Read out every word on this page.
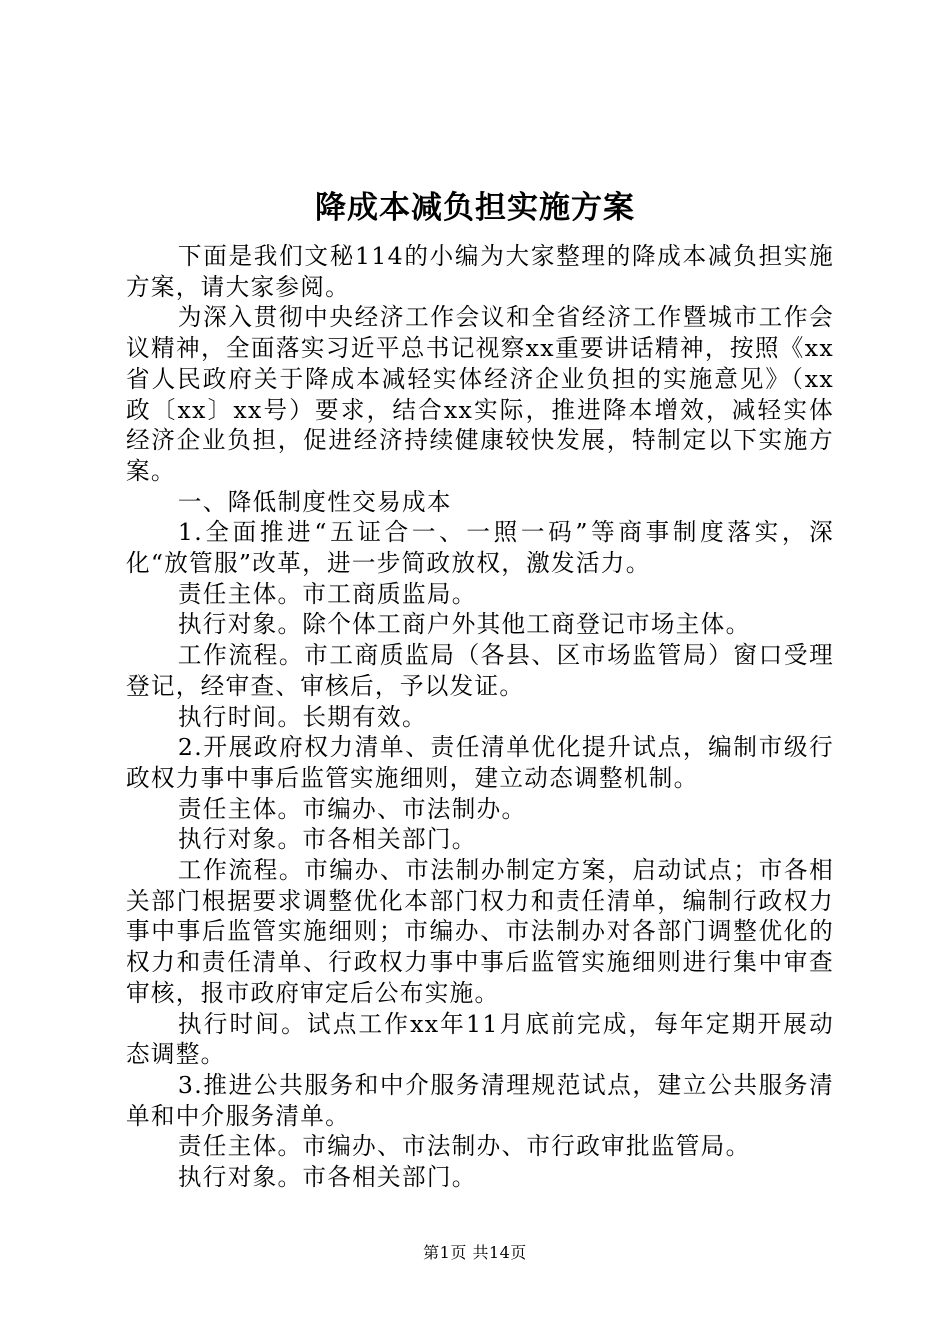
降成本减负担实施方案

下面是我们文秘114的小编为大家整理的降成本减负担实施方案，请大家参阅。

为深入贯彻中央经济工作会议和全省经济工作暨城市工作会议精神，全面落实习近平总书记视察xx重要讲话精神，按照《xx省人民政府关于降成本减轻实体经济企业负担的实施意见》（xx政〔xx〕xx号）要求，结合xx实际，推进降本增效，减轻实体经济企业负担，促进经济持续健康较快发展，特制定以下实施方案。

一、降低制度性交易成本

1.全面推进“五证合一、一照一码”等商事制度落实，深化“放管服”改革，进一步简政放权，激发活力。

责任主体。市工商质监局。

执行对象。除个体工商户外其他工商登记市场主体。

工作流程。市工商质监局（各县、区市场监管局）窗口受理登记，经审查、审核后，予以发证。

执行时间。长期有效。

2.开展政府权力清单、责任清单优化提升试点，编制市级行政权力事中事后监管实施细则，建立动态调整机制。

责任主体。市编办、市法制办。

执行对象。市各相关部门。

工作流程。市编办、市法制办制定方案，启动试点；市各相关部门根据要求调整优化本部门权力和责任清单，编制行政权力事中事后监管实施细则；市编办、市法制办对各部门调整优化的权力和责任清单、行政权力事中事后监管实施细则进行集中审查审核，报市政府审定后公布实施。

执行时间。试点工作xx年11月底前完成，每年定期开展动态调整。

3.推进公共服务和中介服务清理规范试点，建立公共服务清单和中介服务清单。

责任主体。市编办、市法制办、市行政审批监管局。

执行对象。市各相关部门。

第1页 共14页
